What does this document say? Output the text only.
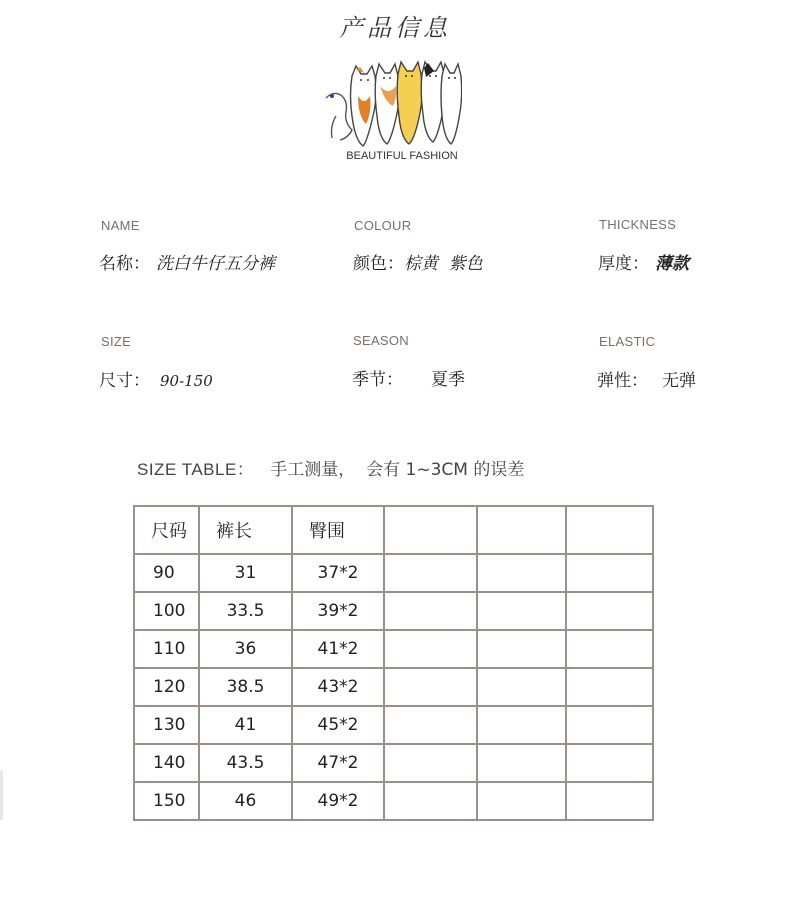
产品信息
BEAUTIFUL FASHION
NAME
名称： 洗白牛仔五分裤
COLOUR
颜色：棕黄  紫色
THICKNESS
厚度： 薄款
SIZE
尺寸： 90-150
SEASON
季节： 夏季
ELASTIC
弹性： 无弹
SIZE TABLE： 手工测量，  会有 1~3CM 的误差
尺码	裤长	臀围			
90	31	37*2			
100	33.5	39*2			
110	36	41*2			
120	38.5	43*2			
130	41	45*2			
140	43.5	47*2			
150	46	49*2			
